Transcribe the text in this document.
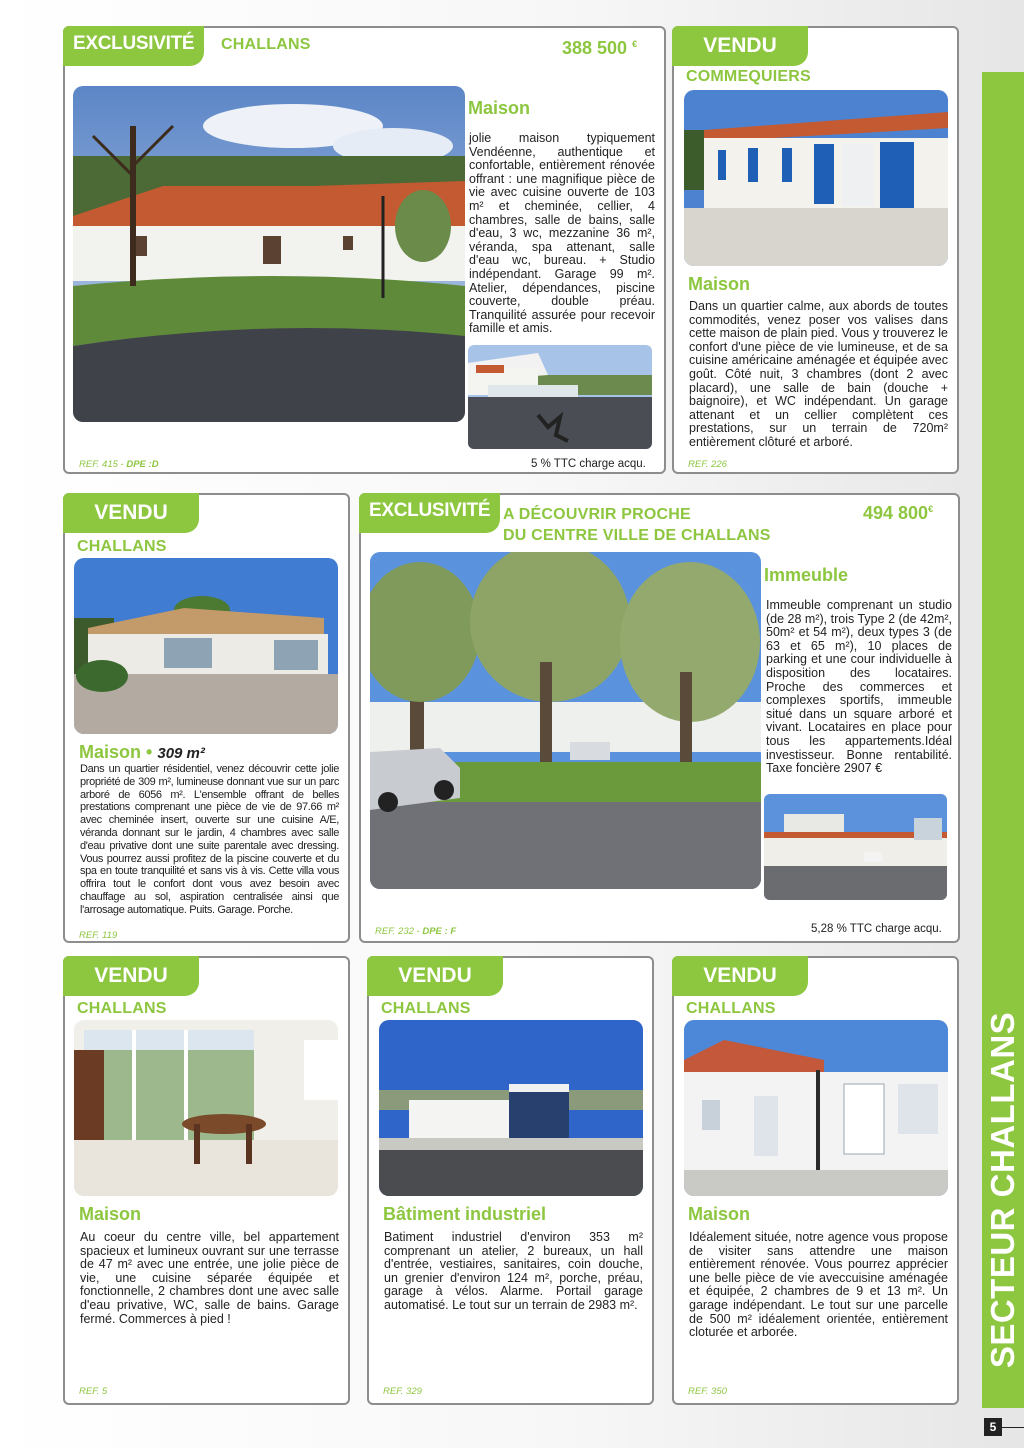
EXCLUSIVITÉ	CHALLANS	388 500 €
Maison
jolie maison typiquement Vendéenne, authentique et confortable, entièrement rénovée offrant : une magnifique pièce de vie avec cuisine ouverte de 103 m² et cheminée, cellier, 4 chambres, salle de bains, salle d'eau, 3 wc, mezzanine 36 m², véranda, spa attenant, salle d'eau wc, bureau. + Studio indépendant. Garage 99 m². Atelier, dépendances, piscine couverte, double préau. Tranquilité assurée pour recevoir famille et amis.
REF. 415 - DPE :D	5 % TTC charge acqu.
VENDU
COMMEQUIERS
Maison
Dans un quartier calme, aux abords de toutes commodités, venez poser vos valises dans cette maison de plain pied. Vous y trouverez le confort d'une pièce de vie lumineuse, et de sa cuisine américaine aménagée et équipée avec goût. Côté nuit, 3 chambres (dont 2 avec placard), une salle de bain (douche + baignoire), et WC indépendant. Un garage attenant et un cellier complètent ces prestations, sur un terrain de 720m² entièrement clôturé et arboré.
REF. 226
VENDU
CHALLANS
Maison • 309 m²
Dans un quartier résidentiel, venez découvrir cette jolie propriété de 309 m², lumineuse donnant vue sur un parc arboré de 6056 m². L'ensemble offrant de belles prestations comprenant une pièce de vie de 97.66 m² avec cheminée insert, ouverte sur une cuisine A/E, véranda donnant sur le jardin, 4 chambres avec salle d'eau privative dont une suite parentale avec dressing. Vous pourrez aussi profitez de la piscine couverte et du spa en toute tranquilité et sans vis à vis. Cette villa vous offrira tout le confort dont vous avez besoin avec chauffage au sol, aspiration centralisée ainsi que l'arrosage automatique. Puits. Garage. Porche.
REF. 119
EXCLUSIVITÉ A DÉCOUVRIR PROCHE
DU CENTRE VILLE DE CHALLANS
494 800€
Immeuble
Immeuble comprenant un studio (de 28 m²), trois Type 2 (de 42m², 50m² et 54 m²), deux types 3 (de 63 et 65 m²), 10 places de parking et une cour individuelle à disposition des locataires. Proche des commerces et complexes sportifs, immeuble situé dans un square arboré et vivant. Locataires en place pour tous les appartements.Idéal investisseur. Bonne rentabilité. Taxe foncière 2907 €
REF. 232 - DPE : F	5,28 % TTC charge acqu.
VENDU
CHALLANS
Maison
Au coeur du centre ville, bel appartement spacieux et lumineux ouvrant sur une terrasse de 47 m² avec une entrée, une jolie pièce de vie, une cuisine séparée équipée et fonctionnelle, 2 chambres dont une avec salle d'eau privative, WC, salle de bains. Garage fermé. Commerces à pied !
REF. 5
VENDU
CHALLANS
Bâtiment industriel
Batiment industriel d'environ 353 m² comprenant un atelier, 2 bureaux, un hall d'entrée, vestiaires, sanitaires, coin douche, un grenier d'environ 124 m², porche, préau, garage à vélos. Alarme. Portail garage automatisé. Le tout sur un terrain de 2983 m².
REF. 329
VENDU
CHALLANS
Maison
Idéalement située, notre agence vous propose de visiter sans attendre une maison entièrement rénovée. Vous pourrez apprécier une belle pièce de vie aveccuisine aménagée et équipée, 2 chambres de 9 et 13 m². Un garage indépendant. Le tout sur une parcelle de 500 m² idéalement orientée, entièrement cloturée et arborée.
REF. 350
SECTEUR CHALLANS
5
